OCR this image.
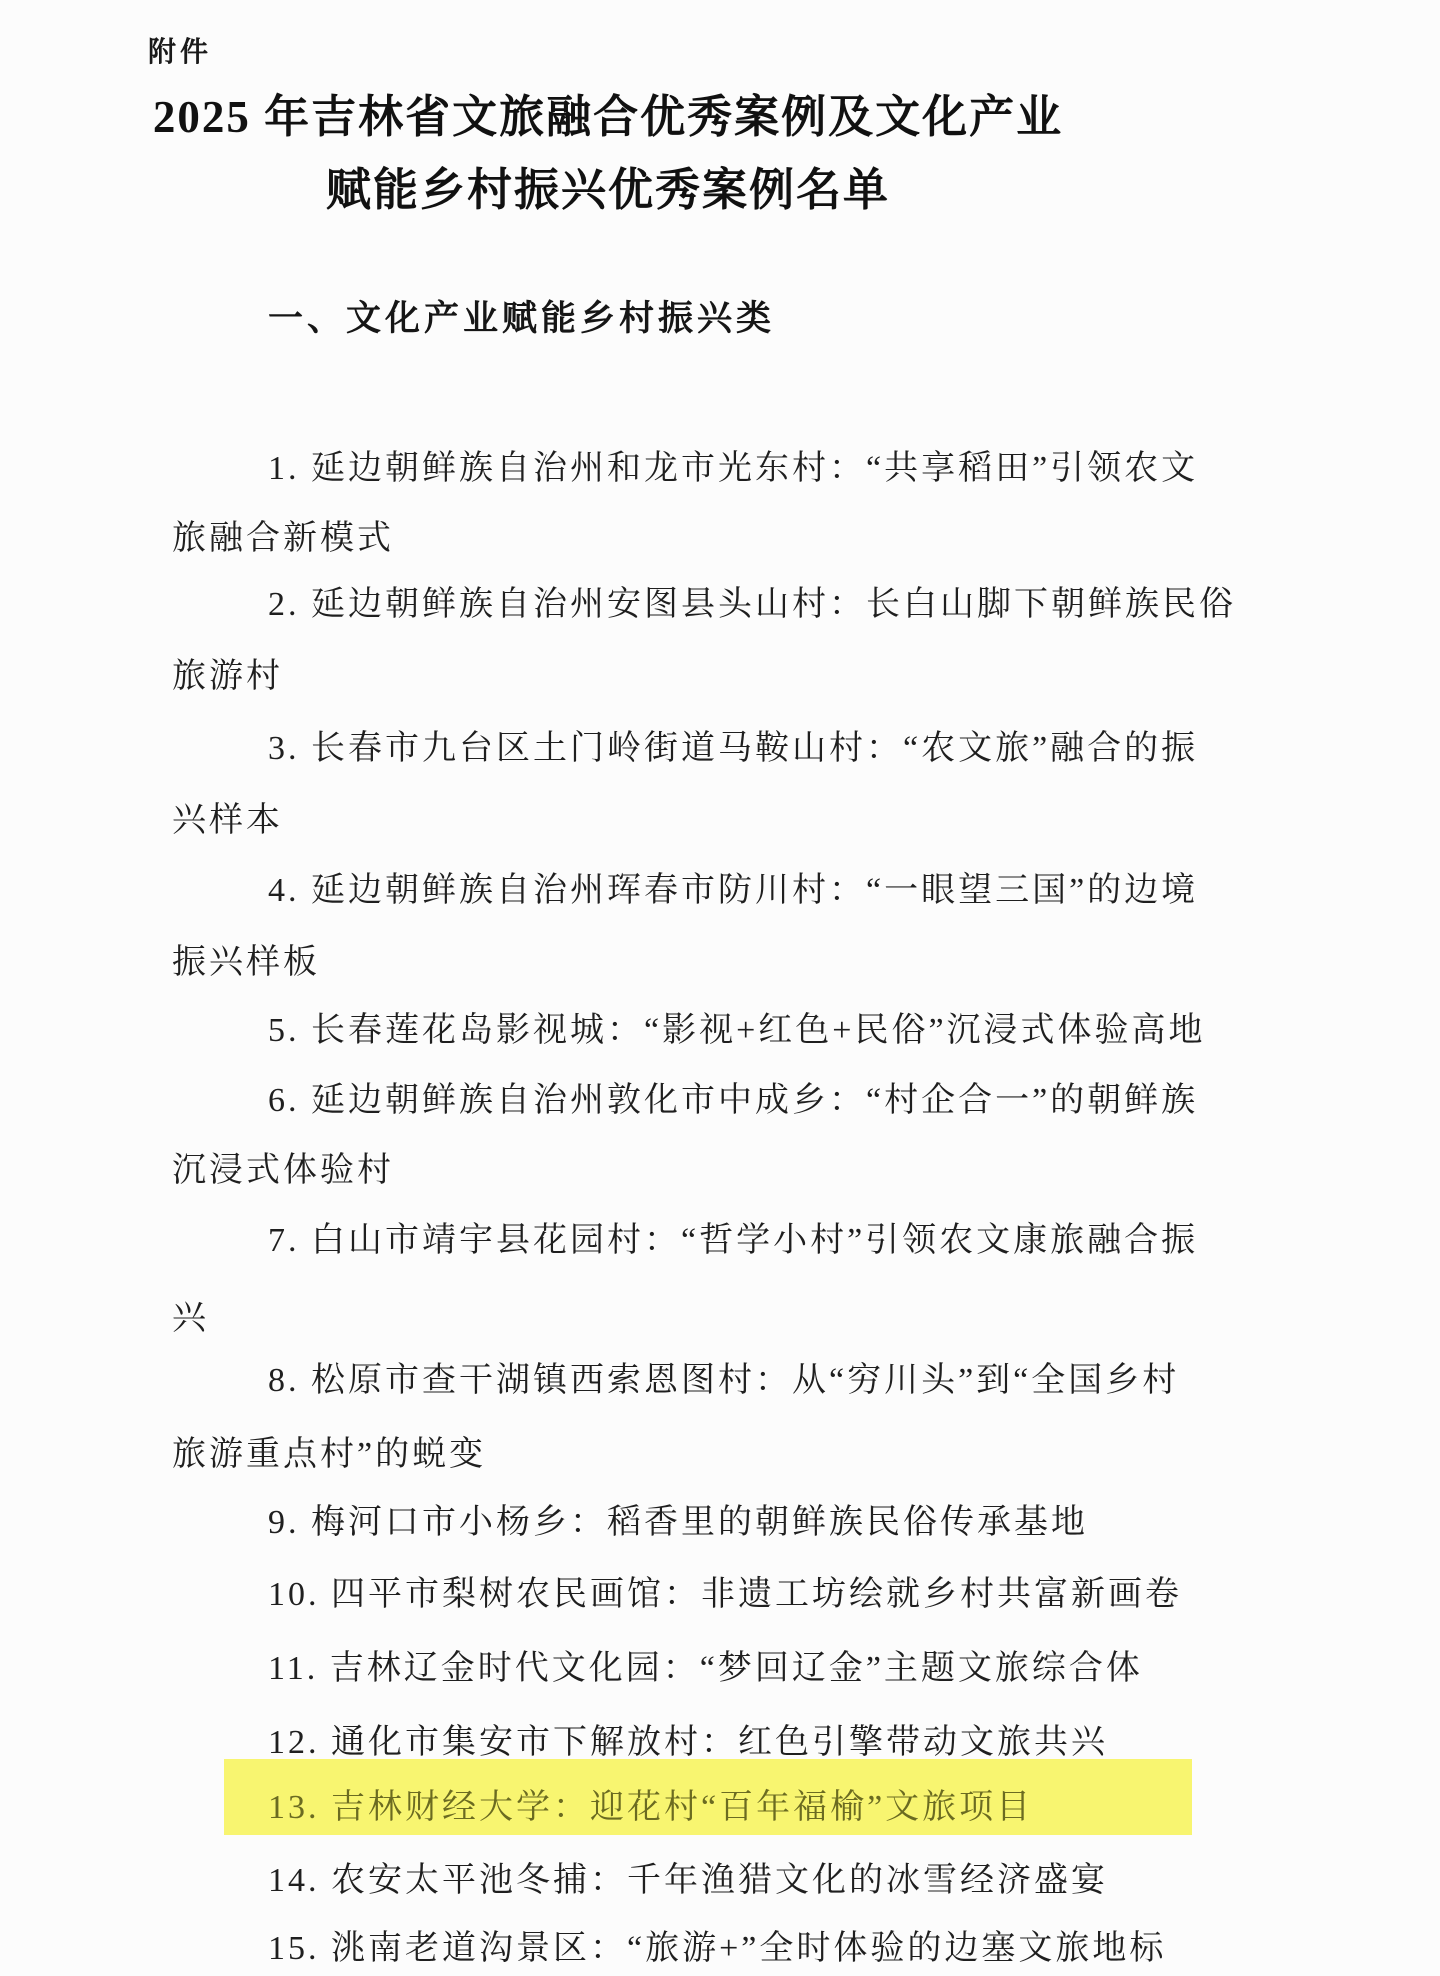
附件
2025 年吉林省文旅融合优秀案例及文化产业
赋能乡村振兴优秀案例名单
一、文化产业赋能乡村振兴类
1. 延边朝鲜族自治州和龙市光东村：“共享稻田”引领农文
旅融合新模式
2. 延边朝鲜族自治州安图县头山村：长白山脚下朝鲜族民俗
旅游村
3. 长春市九台区土门岭街道马鞍山村：“农文旅”融合的振
兴样本
4. 延边朝鲜族自治州珲春市防川村：“一眼望三国”的边境
振兴样板
5. 长春莲花岛影视城：“影视+红色+民俗”沉浸式体验高地
6. 延边朝鲜族自治州敦化市中成乡：“村企合一”的朝鲜族
沉浸式体验村
7. 白山市靖宇县花园村：“哲学小村”引领农文康旅融合振
兴
8. 松原市查干湖镇西索恩图村：从“穷川头”到“全国乡村
旅游重点村”的蜕变
9. 梅河口市小杨乡：稻香里的朝鲜族民俗传承基地
10. 四平市梨树农民画馆：非遗工坊绘就乡村共富新画卷
11. 吉林辽金时代文化园：“梦回辽金”主题文旅综合体
12. 通化市集安市下解放村：红色引擎带动文旅共兴
13. 吉林财经大学：迎花村“百年福榆”文旅项目
14. 农安太平池冬捕：千年渔猎文化的冰雪经济盛宴
15. 洮南老道沟景区：“旅游+”全时体验的边塞文旅地标
